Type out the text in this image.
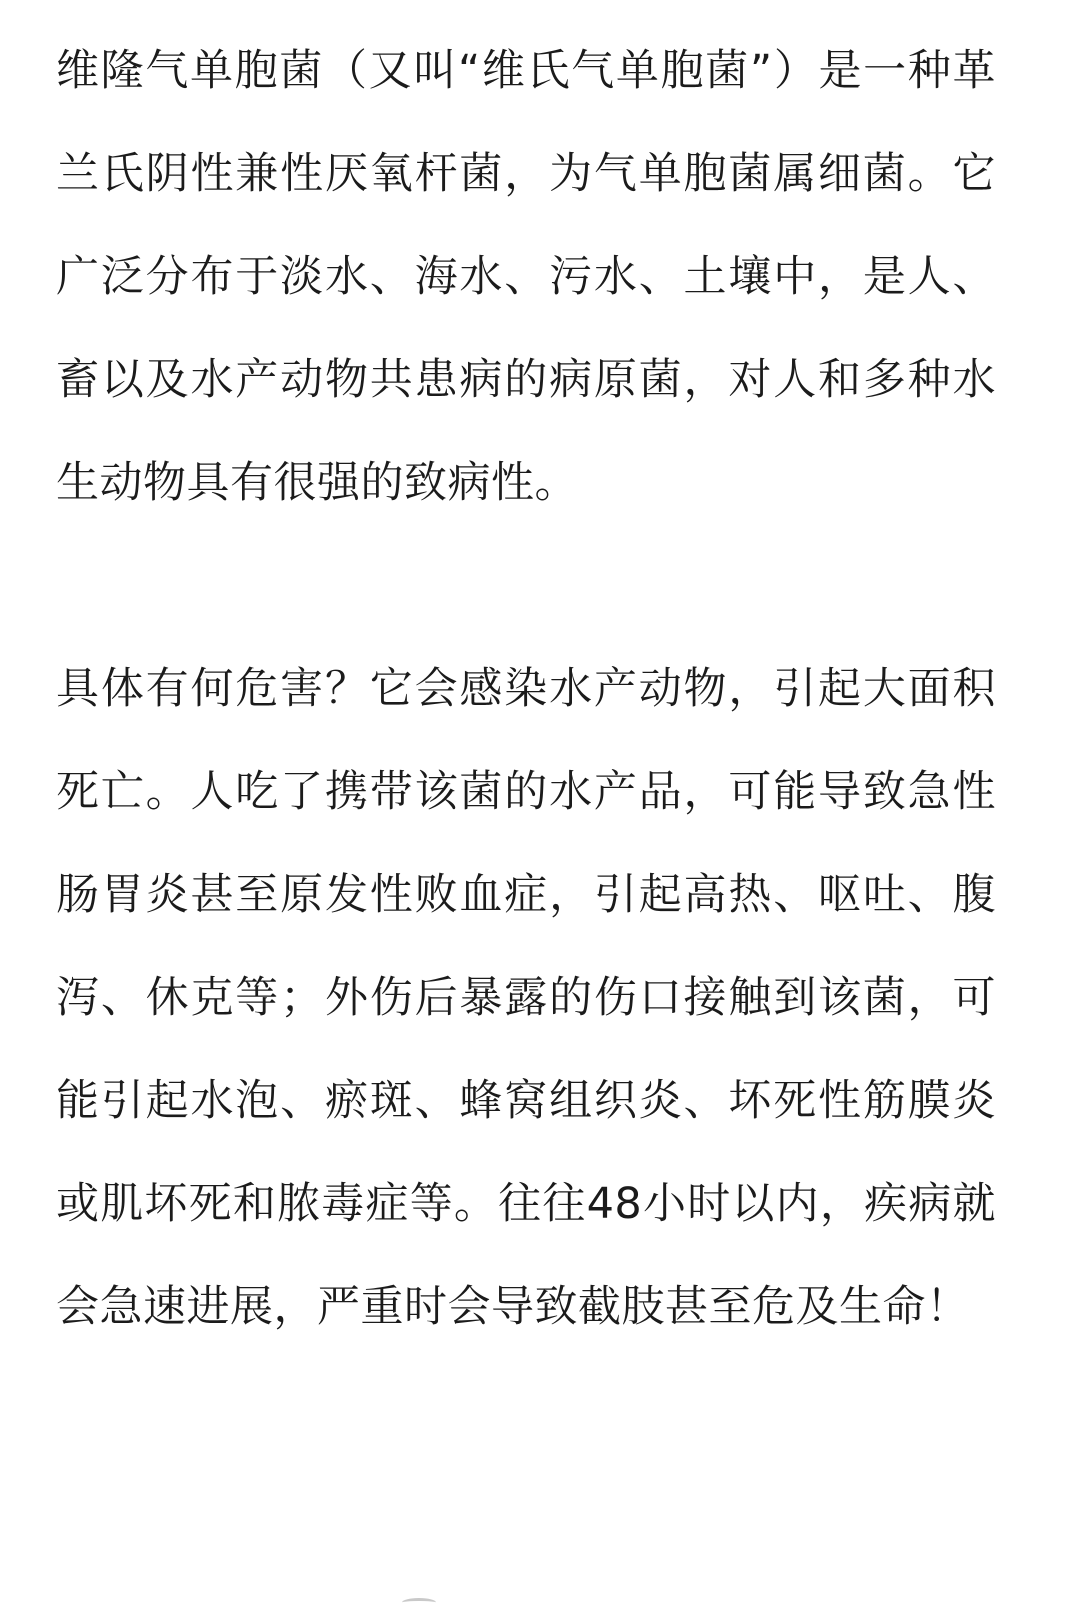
维隆气单胞菌（又叫“维氏气单胞菌”）是一种革兰氏阴性兼性厌氧杆菌，为气单胞菌属细菌。它广泛分布于淡水、海水、污水、土壤中，是人、畜以及水产动物共患病的病原菌，对人和多种水生动物具有很强的致病性。

具体有何危害？它会感染水产动物，引起大面积死亡。人吃了携带该菌的水产品，可能导致急性肠胃炎甚至原发性败血症，引起高热、呕吐、腹泻、休克等；外伤后暴露的伤口接触到该菌，可能引起水泡、瘀斑、蜂窝组织炎、坏死性筋膜炎或肌坏死和脓毒症等。往往48小时以内，疾病就会急速进展，严重时会导致截肢甚至危及生命！
